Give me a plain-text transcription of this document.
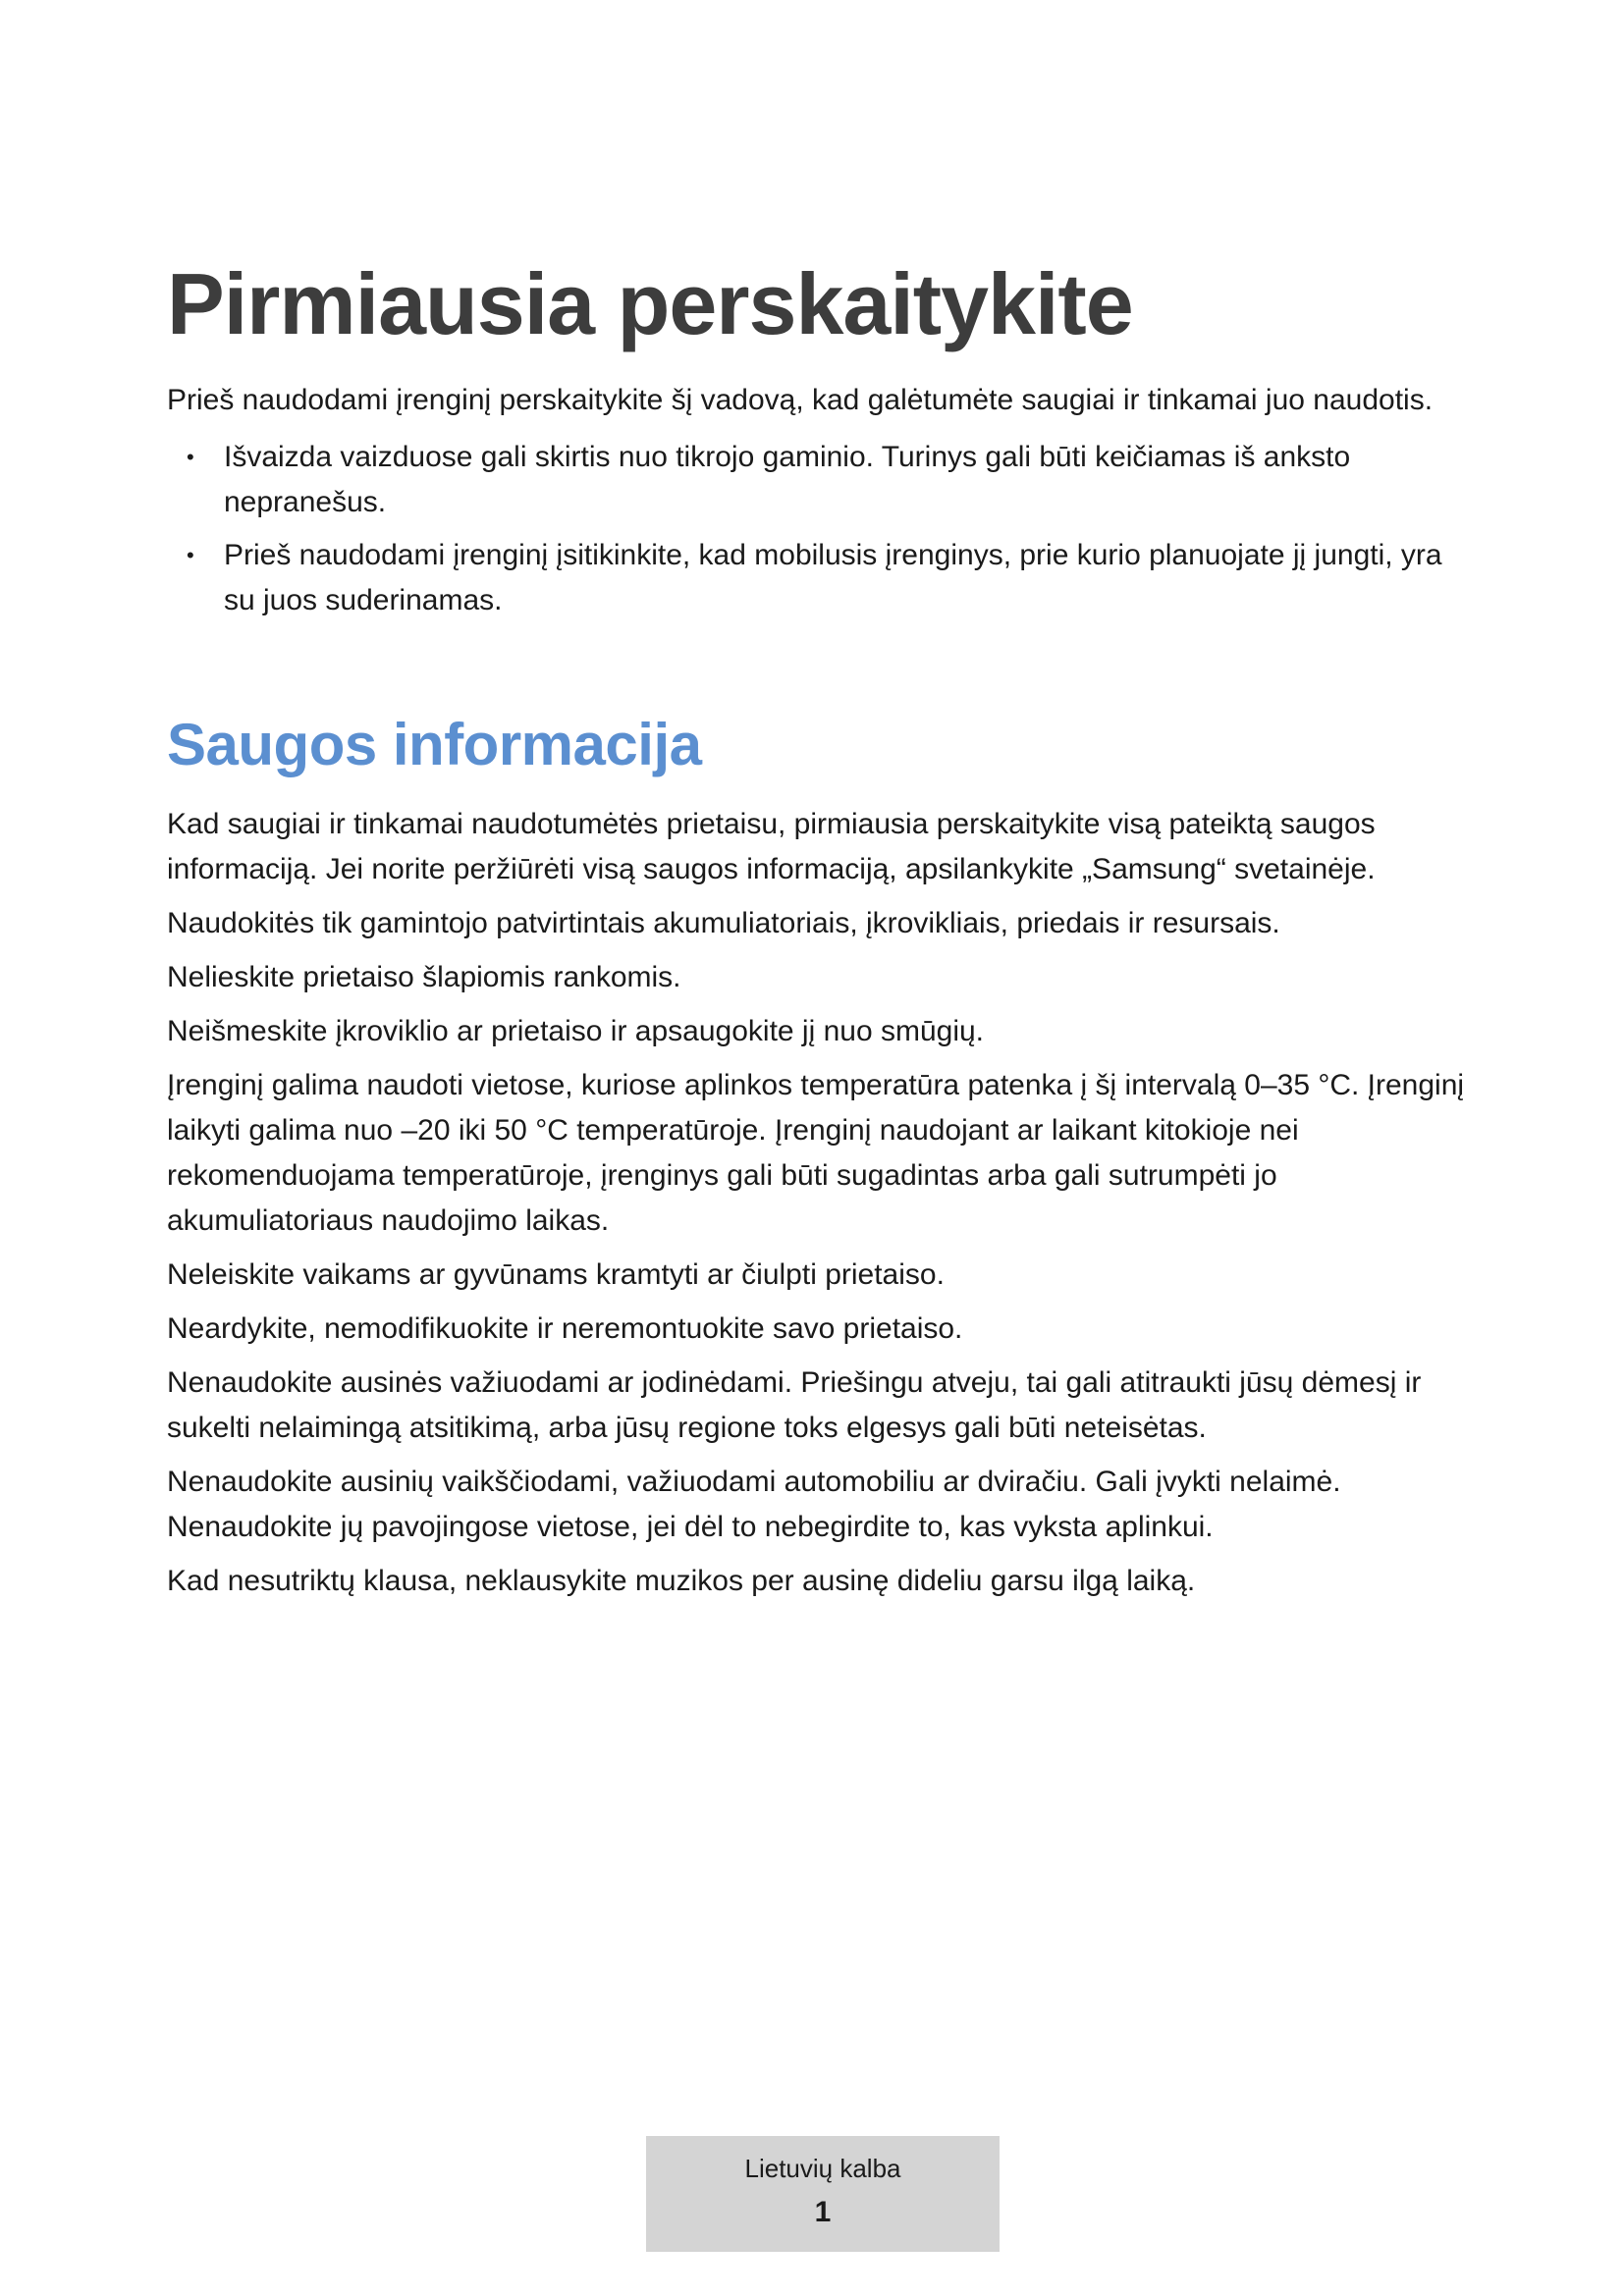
Pirmiausia perskaitykite

Prieš naudodami įrenginį perskaitykite šį vadovą, kad galėtumėte saugiai ir tinkamai juo naudotis.

• Išvaizda vaizduose gali skirtis nuo tikrojo gaminio. Turinys gali būti keičiamas iš anksto nepranešus.
• Prieš naudodami įrenginį įsitikinkite, kad mobilusis įrenginys, prie kurio planuojate jį jungti, yra su juos suderinamas.
Saugos informacija

Kad saugiai ir tinkamai naudotumėtės prietaisu, pirmiausia perskaitykite visą pateiktą saugos informaciją. Jei norite peržiūrėti visą saugos informaciją, apsilankykite „Samsung“ svetainėje.

Naudokitės tik gamintojo patvirtintais akumuliatoriais, įkrovikliais, priedais ir resursais.

Nelieskite prietaiso šlapiomis rankomis.

Neišmeskite įkroviklio ar prietaiso ir apsaugokite jį nuo smūgių.

Įrenginį galima naudoti vietose, kuriose aplinkos temperatūra patenka į šį intervalą 0–35 °C. Įrenginį laikyti galima nuo –20 iki 50 °C temperatūroje. Įrenginį naudojant ar laikant kitokioje nei rekomenduojama temperatūroje, įrenginys gali būti sugadintas arba gali sutrumpėti jo akumuliatoriaus naudojimo laikas.

Neleiskite vaikams ar gyvūnams kramtyti ar čiulpti prietaiso.

Neardykite, nemodifikuokite ir neremontuokite savo prietaiso.

Nenaudokite ausinės važiuodami ar jodinėdami. Priešingu atveju, tai gali atitraukti jūsų dėmesį ir sukelti nelaimingą atsitikimą, arba jūsų regione toks elgesys gali būti neteisėtas.

Nenaudokite ausinių vaikščiodami, važiuodami automobiliu ar dviračiu. Gali įvykti nelaimė. Nenaudokite jų pavojingose vietose, jei dėl to nebegirdite to, kas vyksta aplinkui.

Kad nesutriktų klausa, neklausykite muzikos per ausinę dideliu garsu ilgą laiką.

Lietuvių kalba
1
